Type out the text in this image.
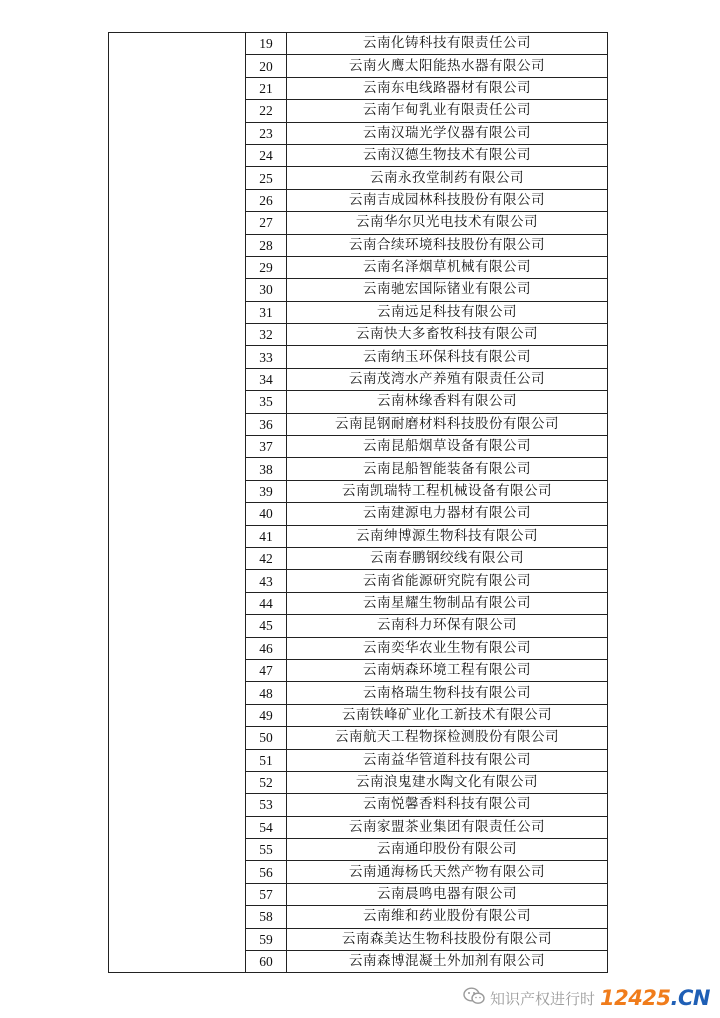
	19	云南化铸科技有限责任公司
	20	云南火鹰太阳能热水器有限公司
	21	云南东电线路器材有限公司
	22	云南乍甸乳业有限责任公司
	23	云南汉瑞光学仪器有限公司
	24	云南汉德生物技术有限公司
	25	云南永孜堂制药有限公司
	26	云南吉成园林科技股份有限公司
	27	云南华尔贝光电技术有限公司
	28	云南合续环境科技股份有限公司
	29	云南名泽烟草机械有限公司
	30	云南驰宏国际锗业有限公司
	31	云南远足科技有限公司
	32	云南快大多畜牧科技有限公司
	33	云南纳玉环保科技有限公司
	34	云南茂湾水产养殖有限责任公司
	35	云南林缘香料有限公司
	36	云南昆钢耐磨材料科技股份有限公司
	37	云南昆船烟草设备有限公司
	38	云南昆船智能装备有限公司
	39	云南凯瑞特工程机械设备有限公司
	40	云南建源电力器材有限公司
	41	云南绅博源生物科技有限公司
	42	云南春鹏钢绞线有限公司
	43	云南省能源研究院有限公司
	44	云南星耀生物制品有限公司
	45	云南科力环保有限公司
	46	云南奕华农业生物有限公司
	47	云南炳森环境工程有限公司
	48	云南格瑞生物科技有限公司
	49	云南铁峰矿业化工新技术有限公司
	50	云南航天工程物探检测股份有限公司
	51	云南益华管道科技有限公司
	52	云南浪鬼建水陶文化有限公司
	53	云南悦馨香料科技有限公司
	54	云南家盟茶业集团有限责任公司
	55	云南通印股份有限公司
	56	云南通海杨氏天然产物有限公司
	57	云南晨鸣电器有限公司
	58	云南维和药业股份有限公司
	59	云南森美达生物科技股份有限公司
	60	云南森博混凝土外加剂有限公司
知识产权进行时 12425.CN
